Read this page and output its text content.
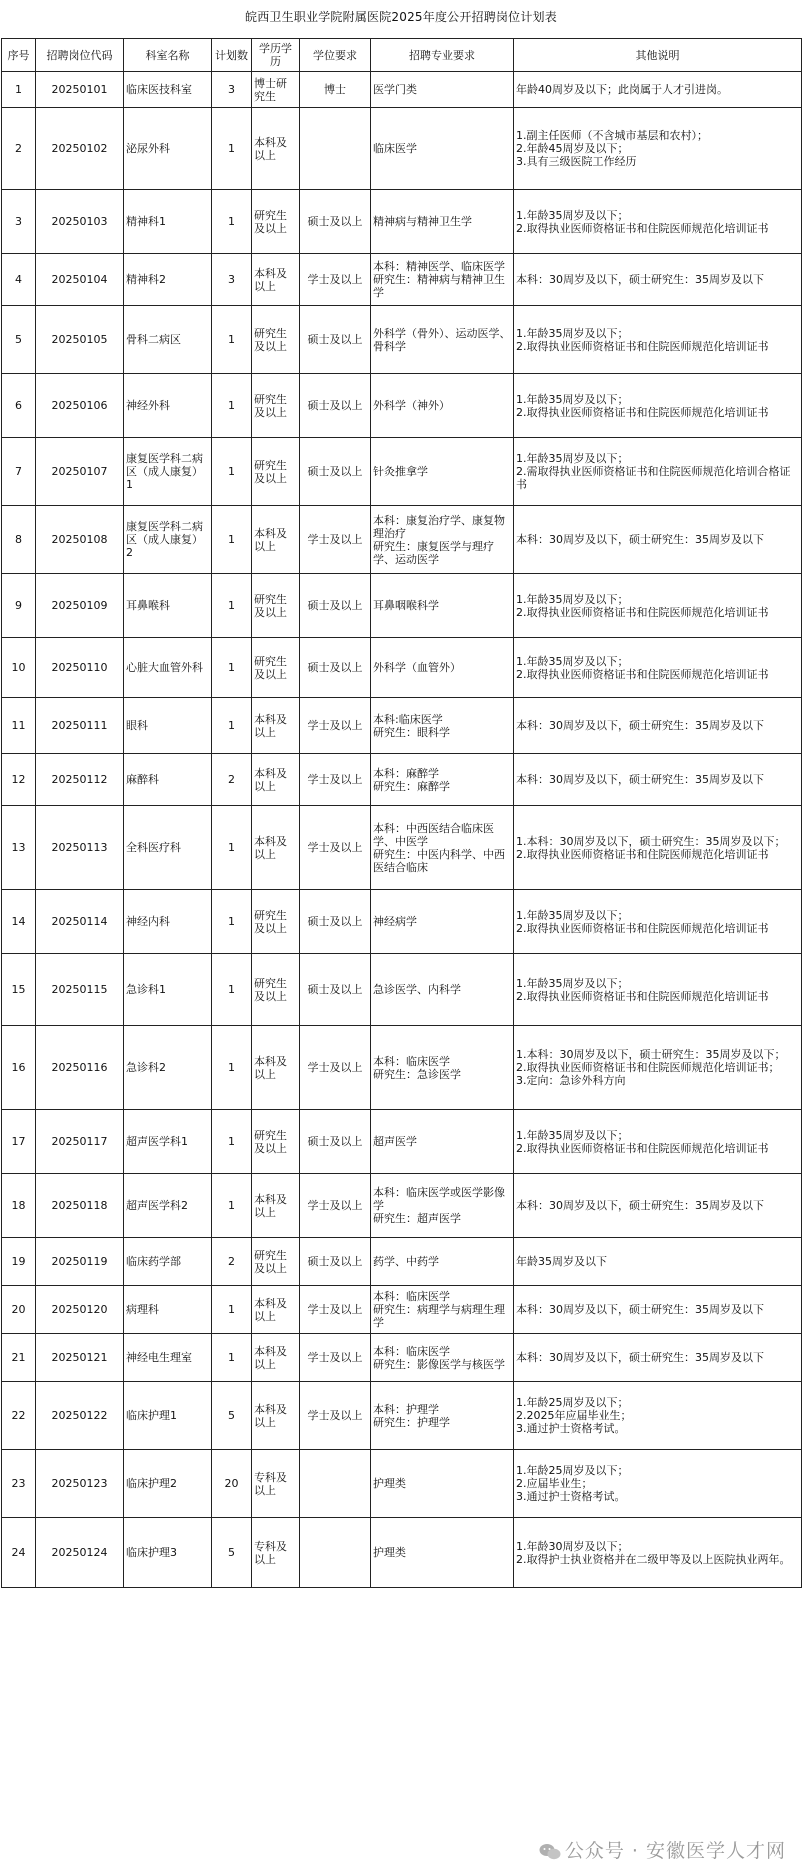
皖西卫生职业学院附属医院2025年度公开招聘岗位计划表
序号	招聘岗位代码	科室名称	计划数	学历学历	学位要求	招聘专业要求	其他说明
1	20250101	临床医技科室	3	博士研究生	博士	医学门类	年龄40周岁及以下；此岗属于人才引进岗。
2	20250102	泌尿外科	1	本科及以上		临床医学	1.副主任医师（不含城市基层和农村）；
2.年龄45周岁及以下；
3.具有三级医院工作经历
3	20250103	精神科1	1	研究生及以上	硕士及以上	精神病与精神卫生学	1.年龄35周岁及以下；
2.取得执业医师资格证书和住院医师规范化培训证书
4	20250104	精神科2	3	本科及以上	学士及以上	本科：精神医学、临床医学
研究生：精神病与精神卫生学	本科：30周岁及以下，硕士研究生：35周岁及以下
5	20250105	骨科二病区	1	研究生及以上	硕士及以上	外科学（骨外）、运动医学、骨科学	1.年龄35周岁及以下；
2.取得执业医师资格证书和住院医师规范化培训证书
6	20250106	神经外科	1	研究生及以上	硕士及以上	外科学（神外）	1.年龄35周岁及以下；
2.取得执业医师资格证书和住院医师规范化培训证书
7	20250107	康复医学科二病区（成人康复）1	1	研究生及以上	硕士及以上	针灸推拿学	1.年龄35周岁及以下；
2.需取得执业医师资格证书和住院医师规范化培训合格证书
8	20250108	康复医学科二病区（成人康复）2	1	本科及以上	学士及以上	本科：康复治疗学、康复物理治疗
研究生：康复医学与理疗学、运动医学	本科：30周岁及以下，硕士研究生：35周岁及以下
9	20250109	耳鼻喉科	1	研究生及以上	硕士及以上	耳鼻咽喉科学	1.年龄35周岁及以下；
2.取得执业医师资格证书和住院医师规范化培训证书
10	20250110	心脏大血管外科	1	研究生及以上	硕士及以上	外科学（血管外）	1.年龄35周岁及以下；
2.取得执业医师资格证书和住院医师规范化培训证书
11	20250111	眼科	1	本科及以上	学士及以上	本科:临床医学
研究生：眼科学	本科：30周岁及以下，硕士研究生：35周岁及以下
12	20250112	麻醉科	2	本科及以上	学士及以上	本科：麻醉学
研究生：麻醉学	本科：30周岁及以下，硕士研究生：35周岁及以下
13	20250113	全科医疗科	1	本科及以上	学士及以上	本科：中西医结合临床医学、中医学
研究生：中医内科学、中西医结合临床	1.本科：30周岁及以下，硕士研究生：35周岁及以下；
2.取得执业医师资格证书和住院医师规范化培训证书
14	20250114	神经内科	1	研究生及以上	硕士及以上	神经病学	1.年龄35周岁及以下；
2.取得执业医师资格证书和住院医师规范化培训证书
15	20250115	急诊科1	1	研究生及以上	硕士及以上	急诊医学、内科学	1.年龄35周岁及以下；
2.取得执业医师资格证书和住院医师规范化培训证书
16	20250116	急诊科2	1	本科及以上	学士及以上	本科：临床医学
研究生：急诊医学	1.本科：30周岁及以下，硕士研究生：35周岁及以下；
2.取得执业医师资格证书和住院医师规范化培训证书；
3.定向：急诊外科方向
17	20250117	超声医学科1	1	研究生及以上	硕士及以上	超声医学	1.年龄35周岁及以下；
2.取得执业医师资格证书和住院医师规范化培训证书
18	20250118	超声医学科2	1	本科及以上	学士及以上	本科：临床医学或医学影像学
研究生：超声医学	本科：30周岁及以下，硕士研究生：35周岁及以下
19	20250119	临床药学部	2	研究生及以上	硕士及以上	药学、中药学	年龄35周岁及以下
20	20250120	病理科	1	本科及以上	学士及以上	本科：临床医学
研究生：病理学与病理生理学	本科：30周岁及以下，硕士研究生：35周岁及以下
21	20250121	神经电生理室	1	本科及以上	学士及以上	本科：临床医学
研究生：影像医学与核医学	本科：30周岁及以下，硕士研究生：35周岁及以下
22	20250122	临床护理1	5	本科及以上	学士及以上	本科：护理学
研究生：护理学	1.年龄25周岁及以下；
2.2025年应届毕业生；
3.通过护士资格考试。
23	20250123	临床护理2	20	专科及以上		护理类	1.年龄25周岁及以下；
2.应届毕业生；
3.通过护士资格考试。
24	20250124	临床护理3	5	专科及以上		护理类	1.年龄30周岁及以下；
2.取得护士执业资格并在二级甲等及以上医院执业两年。
公众号 · 安徽医学人才网
